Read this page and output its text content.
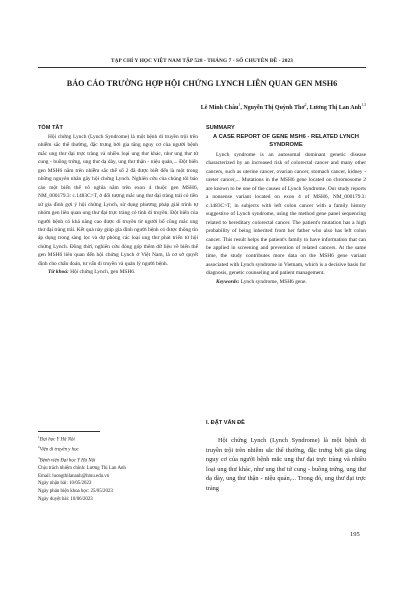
TẠP CHÍ Y HỌC VIỆT NAM TẬP 528 - THÁNG 7 - SỐ CHUYÊN ĐỀ - 2023
BÁO CÁO TRƯỜNG HỢP HỘI CHỨNG LYNCH LIÊN QUAN GEN MSH6
Lê Minh Châu$^1$, Nguyễn Thị Quỳnh Thơ$^2$, Lương Thị Lan Anh$^{1,3}$

TÓM TẮT

Hội chứng Lynch (Lynch Syndrome) là một bệnh di truyền trội trên nhiễm sắc thể thường, đặc trưng bởi gia tăng nguy cơ của người bệnh mắc ung thư đại trực tràng và nhiều loại ung thư khác, như ung thư tử cung - buồng trứng, ung thư dạ dày, ung thư thận - niệu quản,... Đột biến gen MSH6 nằm trên nhiễm sắc thể số 2 đã được biết đến là một trong những nguyên nhân gây hội chứng Lynch. Nghiên cứu của chúng tôi báo cáo một biến thể vô nghĩa nằm trên exon 4 thuộc gen MSH6, NM_000179.3: c.1483C>T, ở đối tượng mắc ung thư đại tràng trái có tiền sử gia đình gợi ý hội chứng Lynch, sử dụng phương pháp giải trình tự nhóm gen liên quan ung thư đại trực tràng có tính di truyền. Đột biến của người bệnh có khả năng cao được di truyền từ người bố cũng mắc ung thư đại tràng trái. Kết quả này giúp gia đình người bệnh có được thông tin áp dụng trong sàng lọc và dự phòng các loại ung thư phát triển từ hội chứng Lynch. Đồng thời, nghiên cứu đóng góp thêm dữ liệu về biến thể gen MSH6 liên quan đến hội chứng Lynch ở Việt Nam, là cơ sở quyết định cho chẩn đoán, tư vấn di truyền và quản lý người bệnh.

Từ khoá: Hội chứng Lynch, gen MSH6.

SUMMARY

A CASE REPORT OF GENE MSH6 - RELATED LYNCH SYNDROME

Lynch syndrome is an autosomal dominant genetic disease characterized by an increased risk of colorectal cancer and many other cancers, such as uterine cancer, ovarian cancer, stomach cancer, kidney - ureter cancer,... Mutations in the MSH6 gene located on chromosome 2 are known to be one of the causes of Lynch Syndrome. Our study reports a nonsense variant located on exon 4 of MSH6, NM_000179.3: c.1483C>T, in subjects with left colon cancer with a family history suggestive of Lynch syndrome, using the method gene panel sequencing related to hereditary colorectal cancer. The patient's mutation has a high probability of being inherited from her father who also has left colon cancer. This result helps the patient's family to have information that can be applied in screening and prevention of related cancers. At the same time, the study contributes more data on the MSH6 gene variant associated with Lynch syndrome in Vietnam, which is a decisive basis for diagnosis, genetic counseling and patient management.

Keywords: Lynch syndrome, MSH6 gene.

$^1$Đại học Y Hà Nội
$^2$Viện di truyền y học
$^3$Bệnh viện Đại học Y Hà Nội
Chịu trách nhiệm chính: Lương Thị Lan Anh
Email: luongthilananh@hmu.edu.vn
Ngày nhận bài: 10/05/2023
Ngày phản biện khoa học: 25/05/2023
Ngày duyệt bài: 10/06/2023
I. ĐẶT VẤN ĐỀ

Hội chứng Lynch (Lynch Syndrome) là một bệnh di truyền trội trên nhiễm sắc thể thường, đặc trưng bởi gia tăng nguy cơ của người bệnh mắc ung thư đại trực tràng và nhiều loại ung thư khác, như ung thư tử cung - buồng trứng, ung thư dạ dày, ung thư thận - niệu quản,... Trong đó, ung thư đại trực tràng

195
